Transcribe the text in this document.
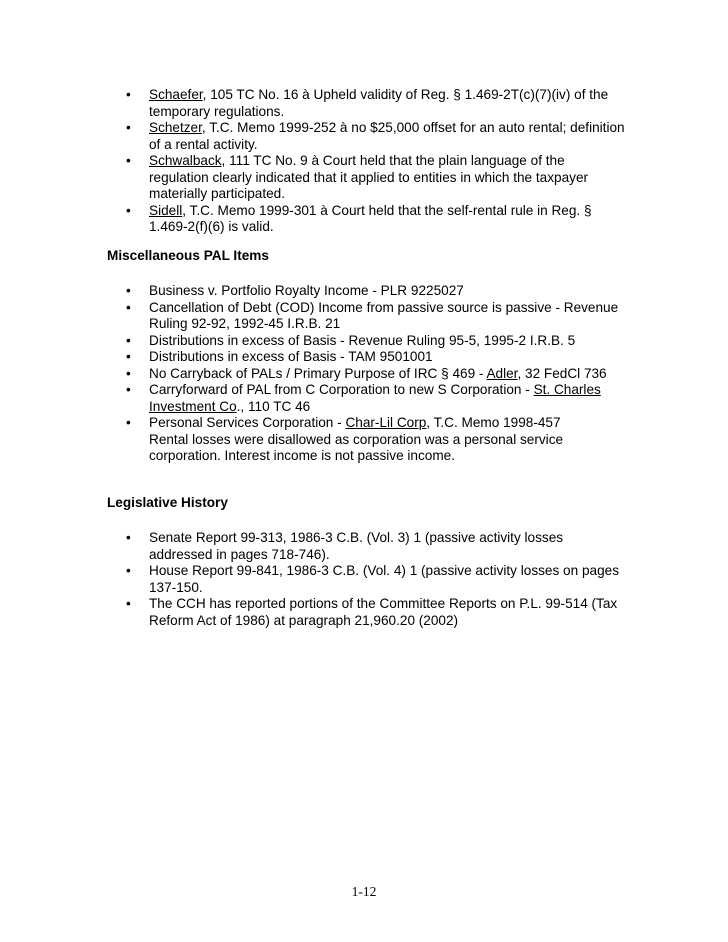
• Schaefer, 105 TC No. 16 à Upheld validity of Reg. § 1.469-2T(c)(7)(iv) of the temporary regulations.
• Schetzer, T.C. Memo 1999-252 à no $25,000 offset for an auto rental; definition of a rental activity.
• Schwalback, 111 TC No. 9 à Court held that the plain language of the regulation clearly indicated that it applied to entities in which the taxpayer materially participated.
• Sidell, T.C. Memo 1999-301 à Court held that the self-rental rule in Reg. § 1.469-2(f)(6) is valid.

Miscellaneous PAL Items

• Business v. Portfolio Royalty Income - PLR 9225027
• Cancellation of Debt (COD) Income from passive source is passive - Revenue Ruling 92-92, 1992-45 I.R.B. 21
• Distributions in excess of Basis - Revenue Ruling 95-5, 1995-2 I.R.B. 5
• Distributions in excess of Basis - TAM 9501001
• No Carryback of PALs / Primary Purpose of IRC § 469 - Adler, 32 FedCl 736
• Carryforward of PAL from C Corporation to new S Corporation - St. Charles Investment Co., 110 TC 46
• Personal Services Corporation - Char-Lil Corp, T.C. Memo 1998-457
Rental losses were disallowed as corporation was a personal service corporation. Interest income is not passive income.

Legislative History

• Senate Report 99-313, 1986-3 C.B. (Vol. 3) 1 (passive activity losses addressed in pages 718-746).
• House Report 99-841, 1986-3 C.B. (Vol. 4) 1 (passive activity losses on pages 137-150.
• The CCH has reported portions of the Committee Reports on P.L. 99-514 (Tax Reform Act of 1986) at paragraph 21,960.20 (2002)
1-12
